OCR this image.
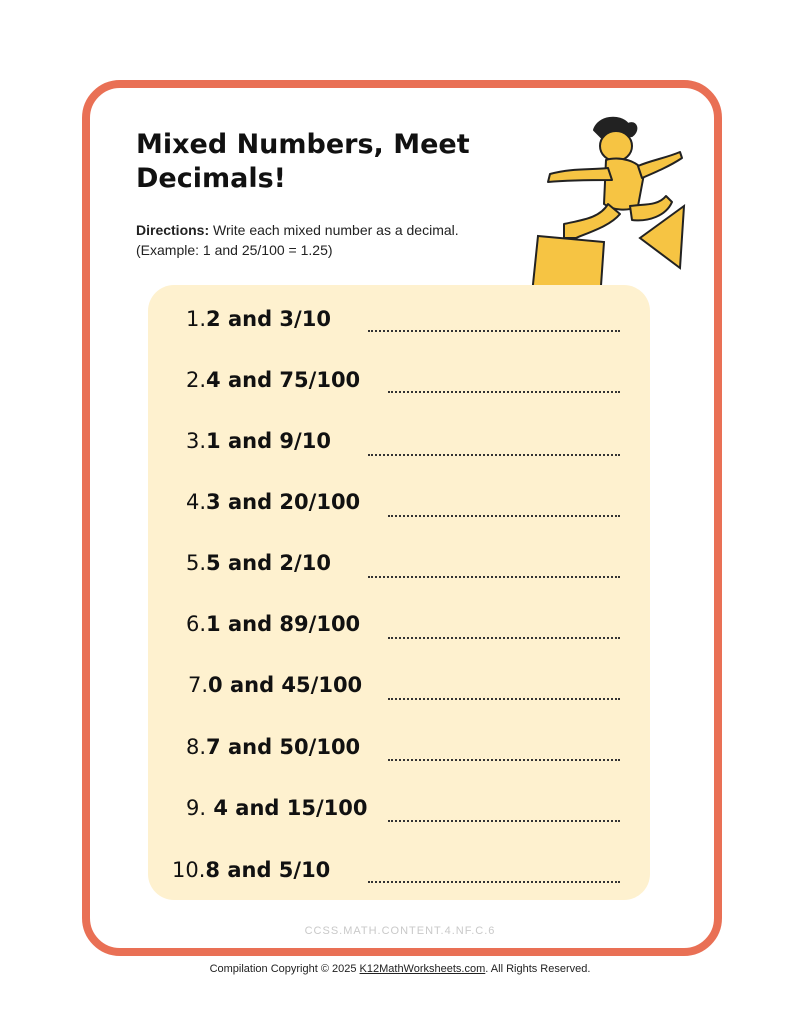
Mixed Numbers, Meet Decimals!
Directions: Write each mixed number as a decimal.
(Example: 1 and 25/100 = 1.25)
1. 2 and 3/10
2. 4 and 75/100
3. 1 and 9/10
4. 3 and 20/100
5. 5 and 2/10
6. 1 and 89/100
7. 0 and 45/100
8. 7 and 50/100
9. 4 and 15/100
10. 8 and 5/10
CCSS.MATH.CONTENT.4.NF.C.6
Compilation Copyright © 2025 K12MathWorksheets.com. All Rights Reserved.
